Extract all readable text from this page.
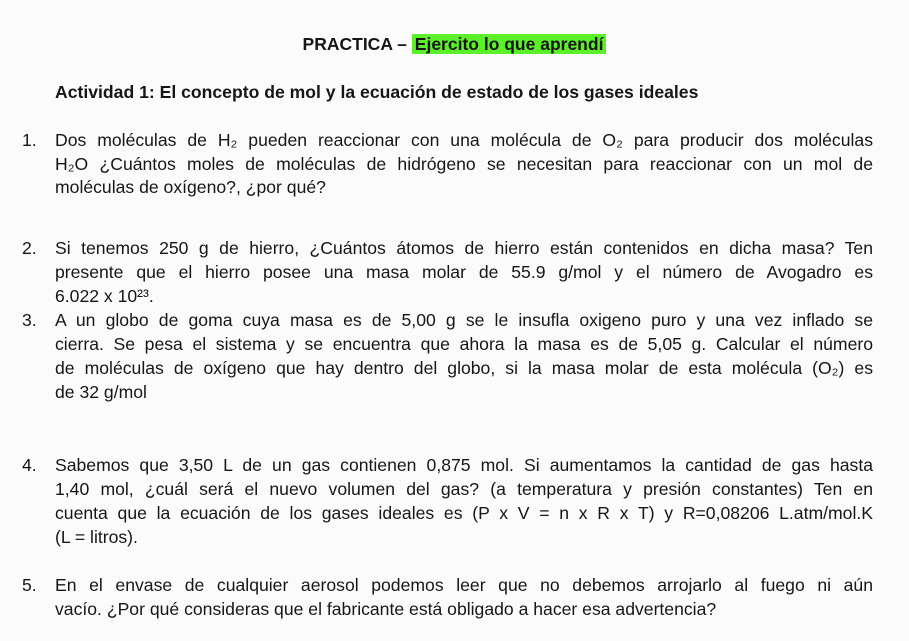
PRACTICA – Ejercito lo que aprendí
Actividad 1: El concepto de mol y la ecuación de estado de los gases ideales
1. Dos moléculas de H₂ pueden reaccionar con una molécula de O₂ para producir dos moléculas
H₂O ¿Cuántos moles de moléculas de hidrógeno se necesitan para reaccionar con un mol de
moléculas de oxígeno?, ¿por qué?
2. Si tenemos 250 g de hierro, ¿Cuántos átomos de hierro están contenidos en dicha masa? Ten
presente que el hierro posee una masa molar de 55.9 g/mol y el número de Avogadro es
6.022 x 10²³.
3. A un globo de goma cuya masa es de 5,00 g se le insufla oxigeno puro y una vez inflado se
cierra. Se pesa el sistema y se encuentra que ahora la masa es de 5,05 g. Calcular el número
de moléculas de oxígeno que hay dentro del globo, si la masa molar de esta molécula (O₂) es
de 32 g/mol
4. Sabemos que 3,50 L de un gas contienen 0,875 mol. Si aumentamos la cantidad de gas hasta
1,40 mol, ¿cuál será el nuevo volumen del gas? (a temperatura y presión constantes) Ten en
cuenta que la ecuación de los gases ideales es (P x V = n x R x T) y R=0,08206 L.atm/mol.K
(L = litros).
5. En el envase de cualquier aerosol podemos leer que no debemos arrojarlo al fuego ni aún
vacío. ¿Por qué consideras que el fabricante está obligado a hacer esa advertencia?
